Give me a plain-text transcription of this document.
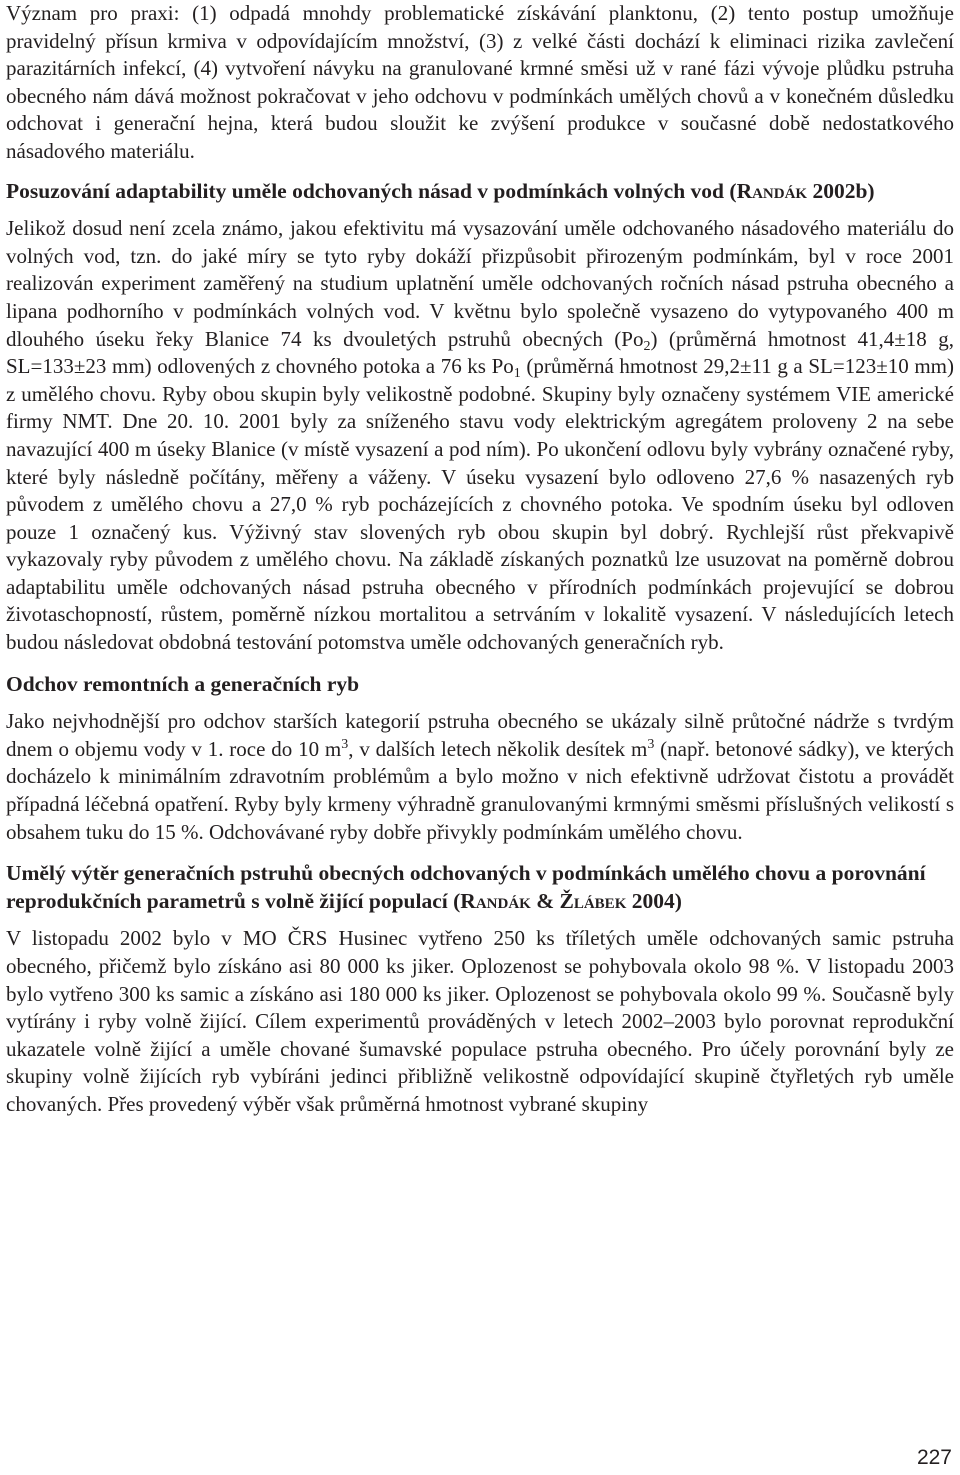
Význam pro praxi: (1) odpadá mnohdy problematické získávání planktonu, (2) tento postup umožňuje pravidelný přísun krmiva v odpovídajícím množství, (3) z velké části dochází k eliminaci rizika zavlečení parazitárních infekcí, (4) vytvoření návyku na granulované krmné směsi už v rané fázi vývoje plůdku pstruha obecného nám dává možnost pokračovat v jeho odchovu v podmínkách umělých chovů a v konečném důsledku odchovat i generační hejna, která budou sloužit ke zvýšení produkce v současné době nedostatkového násadového materiálu.

Posuzování adaptability uměle odchovaných násad v podmínkách volných vod (Randák 2002b)

Jelikož dosud není zcela známo, jakou efektivitu má vysazování uměle odchovaného násadového materiálu do volných vod, tzn. do jaké míry se tyto ryby dokáží přizpůsobit přirozeným podmínkám, byl v roce 2001 realizován experiment zaměřený na studium uplatnění uměle odchovaných ročních násad pstruha obecného a lipana podhorního v podmínkách volných vod. V květnu bylo společně vysazeno do vytypovaného 400 m dlouhého úseku řeky Blanice 74 ks dvouletých pstruhů obecných $(Po_2)$ (průměrná hmotnost 41,4±18 g, SL=133±23 mm) odlovených z chovného potoka a 76 ks $Po_1$ (průměrná hmotnost 29,2±11 g a SL=123±10 mm) z umělého chovu. Ryby obou skupin byly velikostně podobné. Skupiny byly označeny systémem VIE americké firmy NMT. Dne 20. 10. 2001 byly za sníženého stavu vody elektrickým agregátem proloveny 2 na sebe navazující 400 m úseky Blanice (v místě vysazení a pod ním). Po ukončení odlovu byly vybrány označené ryby, které byly následně počítány, měřeny a váženy. V úseku vysazení bylo odloveno 27,6 % nasazených ryb původem z umělého chovu a 27,0 % ryb pocházejících z chovného potoka. Ve spodním úseku byl odloven pouze 1 označený kus. Výživný stav slovených ryb obou skupin byl dobrý. Rychlejší růst překvapivě vykazovaly ryby původem z umělého chovu. Na základě získaných poznatků lze usuzovat na poměrně dobrou adaptabilitu uměle odchovaných násad pstruha obecného v přírodních podmínkách projevující se dobrou životaschopností, růstem, poměrně nízkou mortalitou a setrváním v lokalitě vysazení. V následujících letech budou následovat obdobná testování potomstva uměle odchovaných generačních ryb.

Odchov remontních a generačních ryb

Jako nejvhodnější pro odchov starších kategorií pstruha obecného se ukázaly silně průtočné nádrže s tvrdým dnem o objemu vody v 1. roce do 10 $m^3$, v dalších letech několik desítek $m^3$ (např. betonové sádky), ve kterých docházelo k minimálním zdravotním problémům a bylo možno v nich efektivně udržovat čistotu a provádět případná léčebná opatření. Ryby byly krmeny výhradně granulovanými krmnými směsmi příslušných velikostí s obsahem tuku do 15 %. Odchovávané ryby dobře přivykly podmínkám umělého chovu.

Umělý výtěr generačních pstruhů obecných odchovaných v podmínkách umělého chovu a porovnání reprodukčních parametrů s volně žijící populací (Randák & Žlábek 2004)

V listopadu 2002 bylo v MO ČRS Husinec vytřeno 250 ks tříletých uměle odchovaných samic pstruha obecného, přičemž bylo získáno asi 80 000 ks jiker. Oplozenost se pohybovala okolo 98 %. V listopadu 2003 bylo vytřeno 300 ks samic a získáno asi 180 000 ks jiker. Oplozenost se pohybovala okolo 99 %. Současně byly vytírány i ryby volně žijící. Cílem experimentů prováděných v letech 2002–2003 bylo porovnat reprodukční ukazatele volně žijící a uměle chované šumavské populace pstruha obecného. Pro účely porovnání byly ze skupiny volně žijících ryb vybíráni jedinci přibližně velikostně odpovídající skupině čtyřletých ryb uměle chovaných. Přes provedený výběr však průměrná hmotnost vybrané skupiny

227
